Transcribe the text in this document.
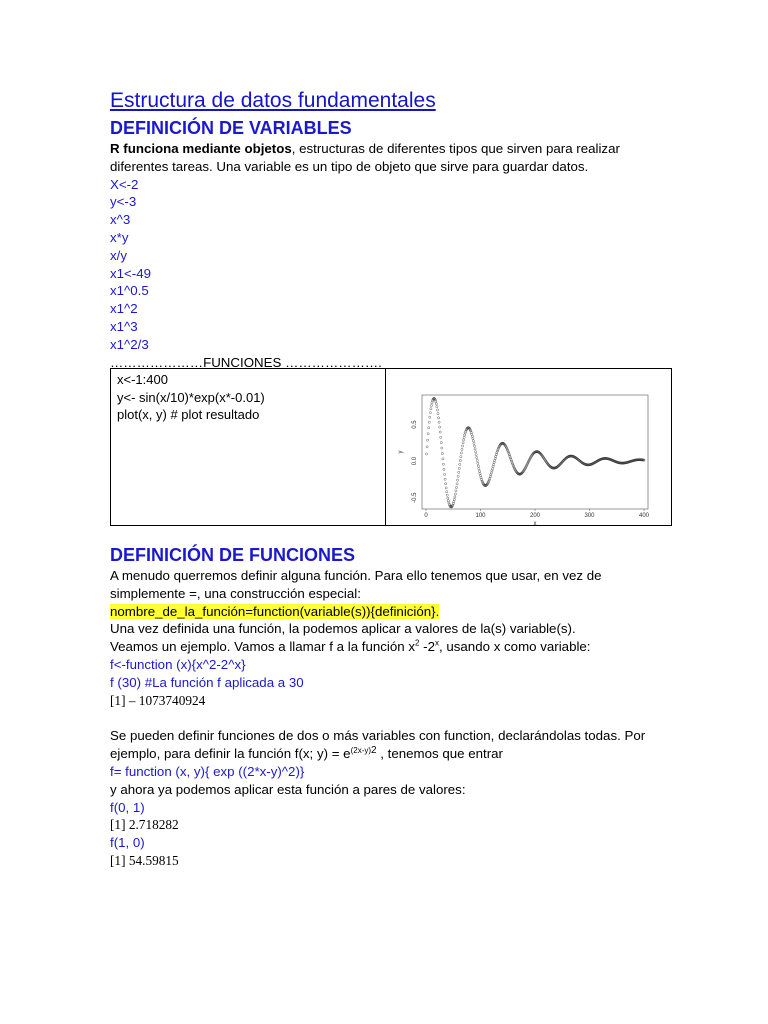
Estructura de datos fundamentales
DEFINICIÓN DE VARIABLES

R funciona mediante objetos, estructuras de diferentes tipos que sirven para realizar

diferentes tareas. Una variable es un tipo de objeto que sirve para guardar datos.

X<-2
y<-3
x^3
x*y
x/y
x1<-49
x1^0.5
x1^2
x1^3
x1^2/3
…………………FUNCIONES ………………….
x<-1:400
y<- sin(x/10)*exp(x*-0.01)
plot(x, y) # plot resultado
0	100	200	300	400
-0.5
0.0
0.5
x
y
DEFINICIÓN DE FUNCIONES

A menudo querremos definir alguna función. Para ello tenemos que usar, en vez de

simplemente =, una construcción especial:

nombre_de_la_función=function(variable(s)){definición}.

Una vez definida una función, la podemos aplicar a valores de la(s) variable(s).

Veamos un ejemplo. Vamos a llamar f a la función $x^2$ -2$^x$, usando x como variable:

f<-function (x){x^2-2^x}

f (30) #La función f aplicada a 30

[1] – 1073740924

Se pueden definir funciones de dos o más variables con function, declarándolas todas. Por

ejemplo, para definir la función f(x; $y) = e^{(2x-y)2}$ , tenemos que entrar

f= function (x, y){ exp ((2*x-y)^2)}

y ahora ya podemos aplicar esta función a pares de valores:

f(0, 1)

[1] 2.718282

f(1, 0)

[1] 54.59815
